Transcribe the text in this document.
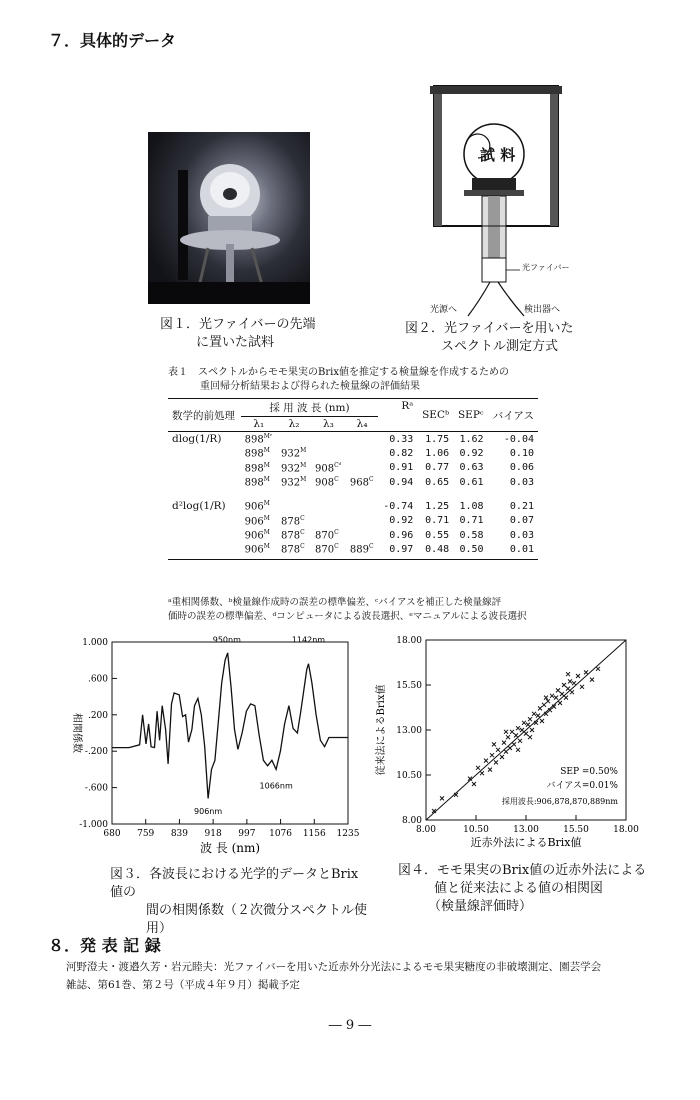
７．具体的データ
図１．光ファイバーの先端
に置いた試料
試 料
光ファイバー
光源へ	検出器へ
図２．光ファイバーを用いた
スペクトル測定方式
表１　スペクトルからモモ果実のBrix値を推定する検量線を作成するための
重回帰分析結果および得られた検量線の評価結果
数学的前処理	採 用 波 長 (nm)				Rᵃ	SECᵇ	SEPᶜ	バイアス
	λ₁	λ₂	λ₃	λ₄				

dlog(1/R)	$898^{Mᵉ}$				0.33	1.75	1.62	-0.04
	$898^M$	$932^M$			0.82	1.06	0.92	0.10
	$898^M$	$932^M$	$908^{Cᵈ}$		0.91	0.77	0.63	0.06
	$898^M$	$932^M$	$908^C$	$968^C$	0.94	0.65	0.61	0.03
d²log(1/R)	$906^M$				-0.74	1.25	1.08	0.21
	$906^M$	$878^C$			0.92	0.71	0.71	0.07
	$906^M$	$878^C$	$870^C$		0.96	0.55	0.58	0.03
	$906^M$	$878^C$	$870^C$	$889^C$	0.97	0.48	0.50	0.01
ᵃ重相関係数、ᵇ検量線作成時の誤差の標準偏差、ᶜバイアスを補正した検量線評
価時の誤差の標準偏差、ᵈコンピュータによる波長選択、ᵉマニュアルによる波長選択
1.000
.600
.200
-.200
-.600
-1.000
680 759 839 918 997 1076 1156 1235
950nm	1142nm
906nm
1066nm
波 長 (nm)
相関係数
図３．各波長における光学的データとBrix値の
間の相関係数（２次微分スペクトル使用）
8.00
10.50
13.00
15.50
18.00
8.00	10.50	13.00	15.50	18.00
SEP =0.50%
バイアス=0.01%
採用波長:906,878,870,889nm
近赤外法によるBrix値
従来法によるBrix値
図４．モモ果実のBrix値の近赤外法による
値と従来法による値の相関図
（検量線評価時）
８．発 表 記 録
河野澄夫・渡邉久芳・岩元睦夫：光ファイバーを用いた近赤外分光法によるモモ果実糖度の非破壊測定、園芸学会
雑誌、第61巻、第２号（平成４年９月）掲載予定
― 9 ―
